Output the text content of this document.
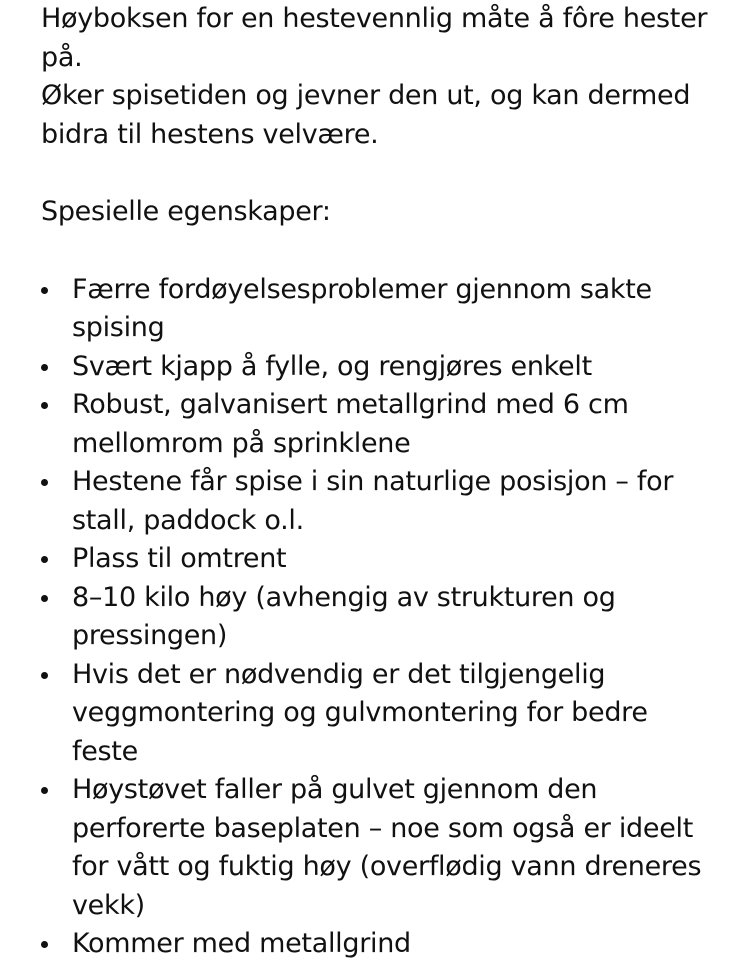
Høyboksen for en hestevennlig måte å fôre hester på.

Øker spisetiden og jevner den ut, og kan dermed bidra til hestens velvære.

Spesielle egenskaper:
Færre fordøyelsesproblemer gjennom sakte spising
Svært kjapp å fylle, og rengjøres enkelt
Robust, galvanisert metallgrind med 6 cm mellomrom på sprinklene
Hestene får spise i sin naturlige posisjon – for stall, paddock o.l.
Plass til omtrent
8–10 kilo høy (avhengig av strukturen og pressingen)
Hvis det er nødvendig er det tilgjengelig veggmontering og gulvmontering for bedre feste
Høystøvet faller på gulvet gjennom den perforerte baseplaten – noe som også er ideelt for vått og fuktig høy (overflødig vann dreneres vekk)
Kommer med metallgrind
